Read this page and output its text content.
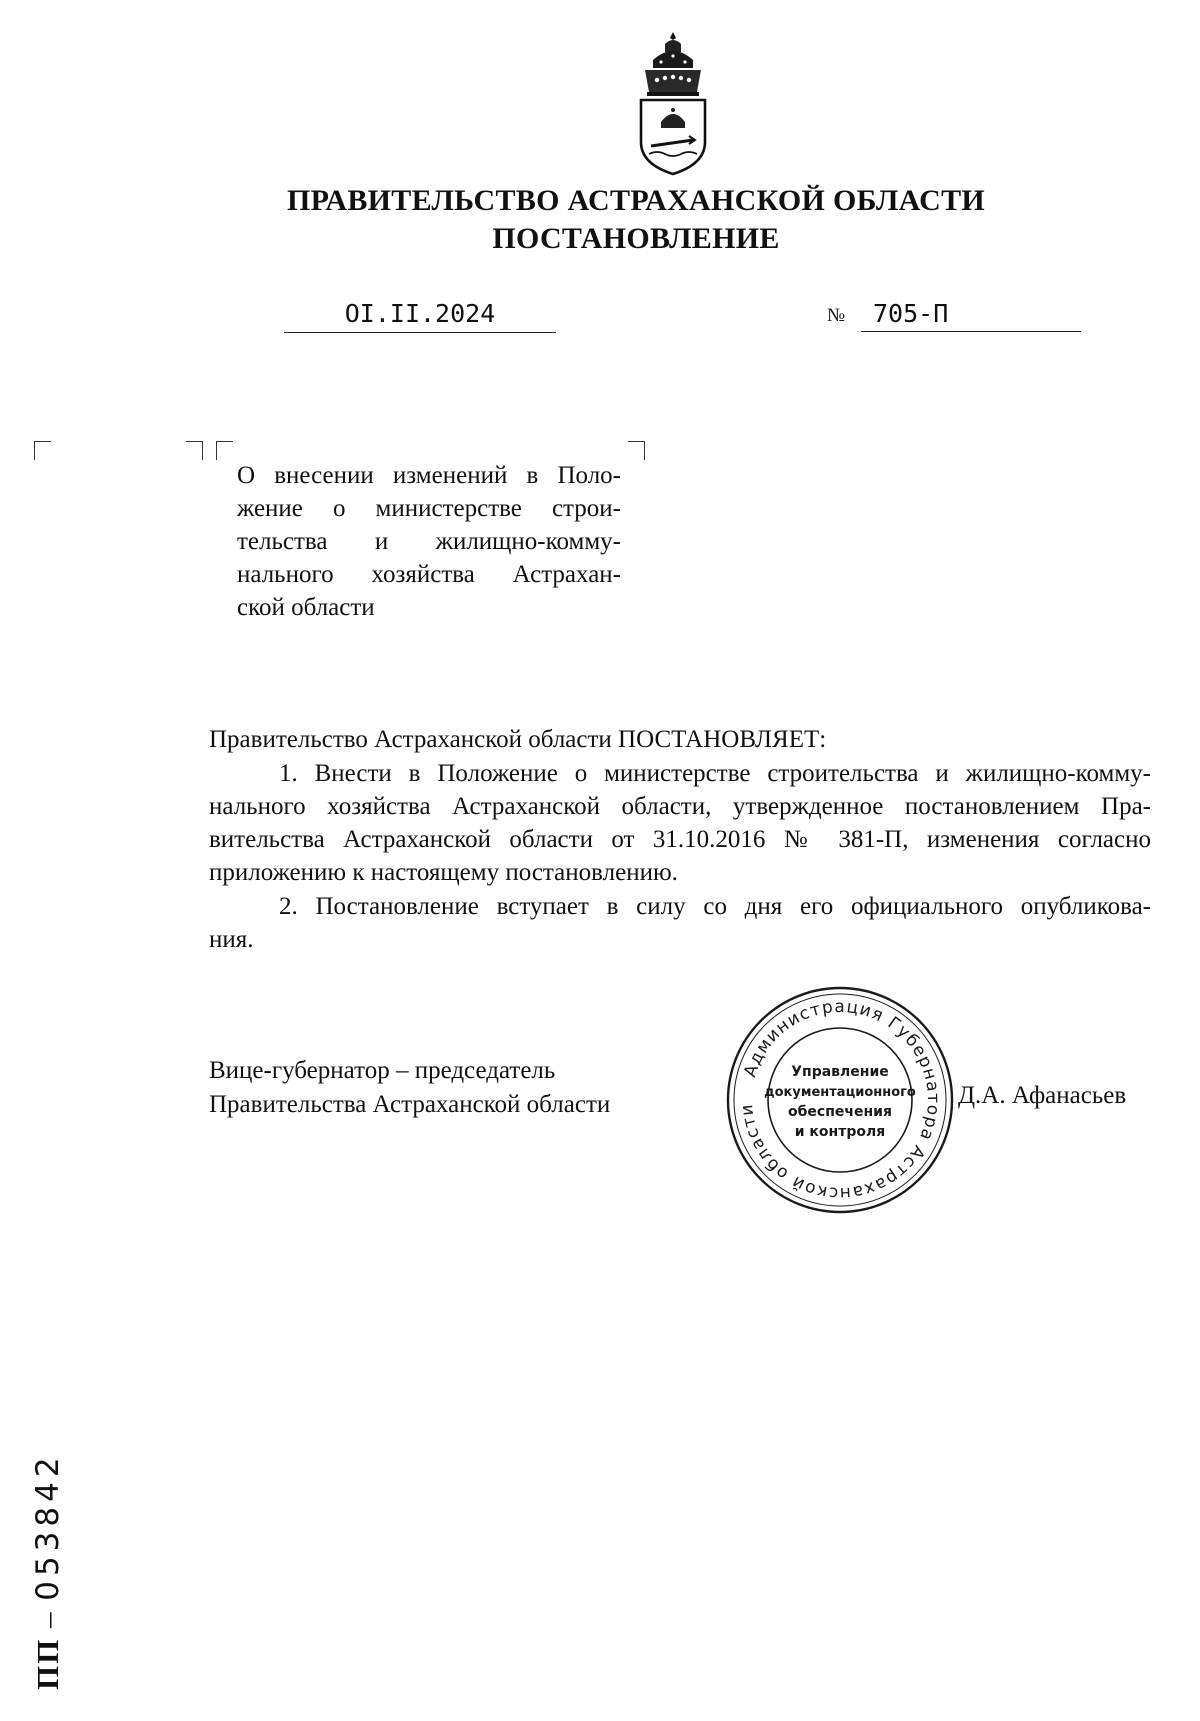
ПРАВИТЕЛЬСТВО АСТРАХАНСКОЙ ОБЛАСТИ
ПОСТАНОВЛЕНИЕ
OI.II.2024	№	705-П
О внесении изменений в Поло-
жение о министерстве строи-
тельства и жилищно-комму-
нального хозяйства Астрахан-
ской области
Правительство Астраханской области ПОСТАНОВЛЯЕТ:
1. Внести в Положение о министерстве строительства и жилищно-комму-
нального хозяйства Астраханской области, утвержденное постановлением Пра-
вительства Астраханской области от 31.10.2016 № 381-П, изменения согласно
приложению к настоящему постановлению.
2. Постановление вступает в силу со дня его официального опубликова-
ния.
Вице-губернатор – председатель
Правительства Астраханской области
Администрация Губернатора Астраханской области
Управление
документационного
обеспечения
и контроля
Д.А. Афанасьев
ПП – 053842
